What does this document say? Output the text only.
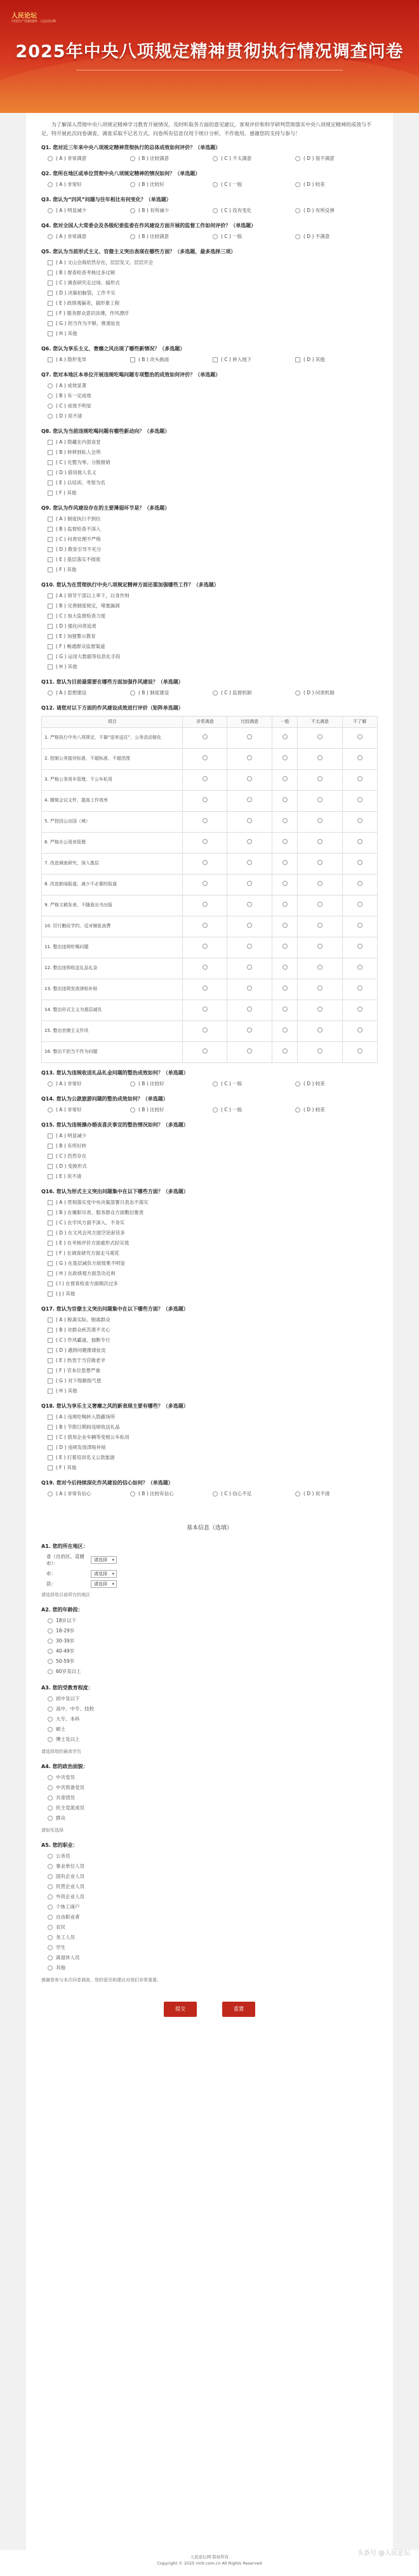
人民论坛
中国共产党新闻网 · 人民论坛网
2025年中央八项规定精神贯彻执行情况调查问卷

为了解深入贯彻中央八项规定精神学习教育开展情况，及时听取各方面的意见建议，客观评价和科学研判贯彻落实中央八项规定精神的成效与不足，特开展此次问卷调查。调查采取不记名方式，问卷所有信息仅用于统计分析，不作他用。感谢您的支持与参与！

Q1. 您对近三年来中央八项规定精神贯彻执行的总体成效如何评价？（单选题）
( A ) 非常满意	( B ) 比较满意	( C ) 不太满意	( D ) 很不满意
Q2. 您所在地区或单位贯彻中央八项规定精神的情况如何？（单选题）
( A ) 非常好	( B ) 比较好	( C ) 一般	( D ) 较差
Q3. 您认为“四风”问题与往年相比有何变化？（单选题）
( A ) 明显减少	( B ) 有所减少	( C ) 没有变化	( D ) 有所反弹
Q4. 您对全国人大常委会及各级纪委监委在作风建设方面开展的监督工作如何评价？（单选题）
( A ) 非常满意	( B ) 比较满意	( C ) 一般	( D ) 不满意
Q5. 您认为当前形式主义、官僚主义突出表现在哪些方面？（多选题，最多选择三项）
( A ) 文山会海依然存在，层层发文、层层开会
( B ) 督查检查考核过多过频
( C ) 调查研究走过场、搞形式
( D ) 决策拍脑袋，工作不实
( E ) 政绩观偏差，搞形象工程
( F ) 服务群众意识淡薄，作风漂浮
( G ) 担当作为不够，推诿扯皮
( H ) 其他
Q6. 您认为享乐主义、奢靡之风出现了哪些新情况？（多选题）
( A ) 隐形变异	( B ) 改头换面	( C ) 转入地下	( D ) 其他
Q7. 您对本地区本单位开展违规吃喝问题专项整治的成效如何评价？（单选题）
( A ) 成效显著
( B ) 有一定成效
( C ) 成效不明显
( D ) 说不清
Q8. 您认为当前违规吃喝问题有哪些新动向？（多选题）
( A ) 隐藏在内部食堂
( B ) 转移到私人会所
( C ) 化整为零、分散报销
( D ) 借用他人名义
( E ) 以培训、考察为名
( F ) 其他
Q9. 您认为作风建设存在的主要薄弱环节是？（多选题）
( A ) 制度执行不到位
( B ) 监督检查不深入
( C ) 问责处理不严格
( D ) 教育引导不充分
( E ) 基层落实不彻底
( F ) 其他
Q10. 您认为在贯彻执行中央八项规定精神方面还需加强哪些工作？（多选题）
( A ) 领导干部以上率下，以身作则
( B ) 完善制度规定，堵塞漏洞
( C ) 加大监督检查力度
( D ) 强化问责追责
( E ) 加强警示教育
( F ) 畅通群众监督渠道
( G ) 运用大数据等信息化手段
( H ) 其他
Q11. 您认为目前最需要在哪些方面加强作风建设？（单选题）
( A ) 思想建设	( B ) 制度建设	( C ) 监督机制	( D ) 问责机制
Q12. 请您对以下方面的作风建设成效进行评价（矩阵单选题）
项目	非常满意	比较满意	一般	不太满意	不了解
1. 严格执行中央八项规定，不搞“迎来送往”，公务活动简化					
2. 控制公务接待标准，不超标准、不超范围					
3. 严格公务用车管理，不公车私用					
4. 精简会议文件，提高工作效率					
5. 严控因公出国（境）					
6. 严格办公用房管理					
7. 改进调查研究，深入基层					
8. 改进新闻报道，减少不必要的报道					
9. 严格文稿发表，不随意出书出版					
10. 厉行勤俭节约，反对铺张浪费					
11. 整治违规吃喝问题					
12. 整治违规收送礼品礼金					
13. 整治违规发放津贴补贴					
14. 整治形式主义为基层减负					
15. 整治官僚主义作风					
16. 整治不担当不作为问题					
Q13. 您认为违规收送礼品礼金问题的整治成效如何？（单选题）
( A ) 非常好	( B ) 比较好	( C ) 一般	( D ) 较差
Q14. 您认为公款旅游问题的整治成效如何？（单选题）
( A ) 非常好	( B ) 比较好	( C ) 一般	( D ) 较差
Q15. 您认为违规操办婚丧喜庆事宜的整治情况如何？（多选题）
( A ) 明显减少
( B ) 有所好转
( C ) 仍然存在
( D ) 变换形式
( E ) 说不清
Q16. 您认为形式主义突出问题集中在以下哪些方面？（多选题）
( A ) 贯彻落实党中央决策部署只表态不落实
( B ) 在履职尽责、服务群众方面敷衍塞责
( C ) 在学风方面不深入、不务实
( D ) 在文风会风方面空话套话多
( E ) 在考核评价方面重形式轻实效
( F ) 在调查研究方面走马观花
( G ) 在基层减负方面效果不明显
( H ) 在政绩观方面急功近利
( I ) 在督查检查方面频次过多
( J ) 其他
Q17. 您认为官僚主义突出问题集中在以下哪些方面？（多选题）
( A ) 脱离实际、脱离群众
( B ) 对群众疾苦漠不关心
( C ) 作风霸道、独断专行
( D ) 遇到问题推诿扯皮
( E ) 热衷于当官做老爷
( F ) 官本位思想严重
( G ) 对下级颐指气使
( H ) 其他
Q18. 您认为享乐主义奢靡之风的新表现主要有哪些？（多选题）
( A ) 违规吃喝转入隐蔽场所
( B ) 节假日期间违规收送礼品
( C ) 借用企业车辆等变相公车私用
( D ) 违规发放津贴补贴
( E ) 打着培训名义公款旅游
( F ) 其他
Q19. 您对今后持续深化作风建设的信心如何？（单选题）
( A ) 非常有信心	( B ) 比较有信心	( C ) 信心不足	( D ) 说不清
基本信息（选填）
A1. 您的所在地区：
省（自治区、直辖市）：
请选择 ▾
市：	请选择 ▾
县：	请选择 ▾
请选择您目前所在的地区
A2. 您的年龄段：
18岁以下
18-29岁
30-39岁
40-49岁
50-59岁
60岁及以上
A3. 您的受教育程度：
初中及以下
高中、中专、技校
大专、本科
硕士
博士及以上
请选择您的最高学历
A4. 您的政治面貌：
中共党员
中共预备党员
共青团员
民主党派成员
群众
请如实选择
A5. 您的职业：
公务员
事业单位人员
国有企业人员
民营企业人员
外资企业人员
个体工商户
自由职业者
农民
务工人员
学生
离退休人员
其他
感谢您参与本次问卷调查，您的意见和建议对我们非常重要。
提交	重置
人民论坛网 版权所有
Copyright © 2025 rmlt.com.cn All Rights Reserved
头条号 @人民论坛
